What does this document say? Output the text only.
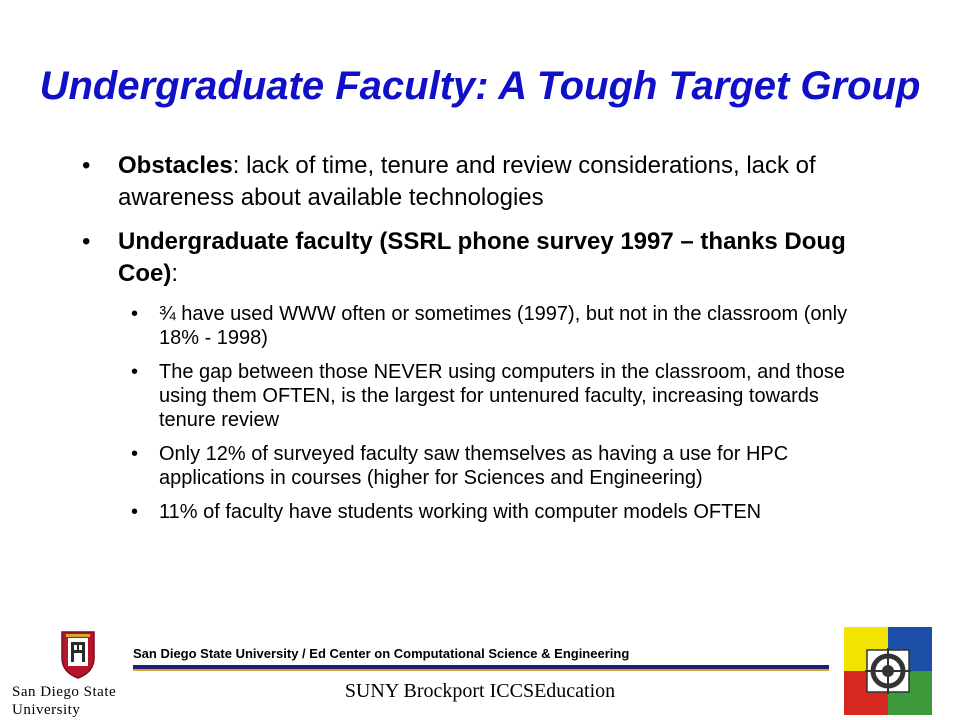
Undergraduate Faculty: A Tough Target Group
• Obstacles: lack of time, tenure and review considerations, lack of awareness about available technologies
• Undergraduate faculty (SSRL phone survey 1997 – thanks Doug Coe):
• ¾ have used WWW often or sometimes (1997), but not in the classroom (only 18% - 1998)
• The gap between those NEVER using computers in the classroom, and those using them OFTEN, is the largest for untenured faculty, increasing towards tenure review
• Only 12% of surveyed faculty saw themselves as having a use for HPC applications in courses (higher for Sciences and Engineering)
• 11% of faculty have students working with computer models OFTEN
San Diego State
University
San Diego State University / Ed Center on Computational Science & Engineering
SUNY Brockport ICCSEducation
